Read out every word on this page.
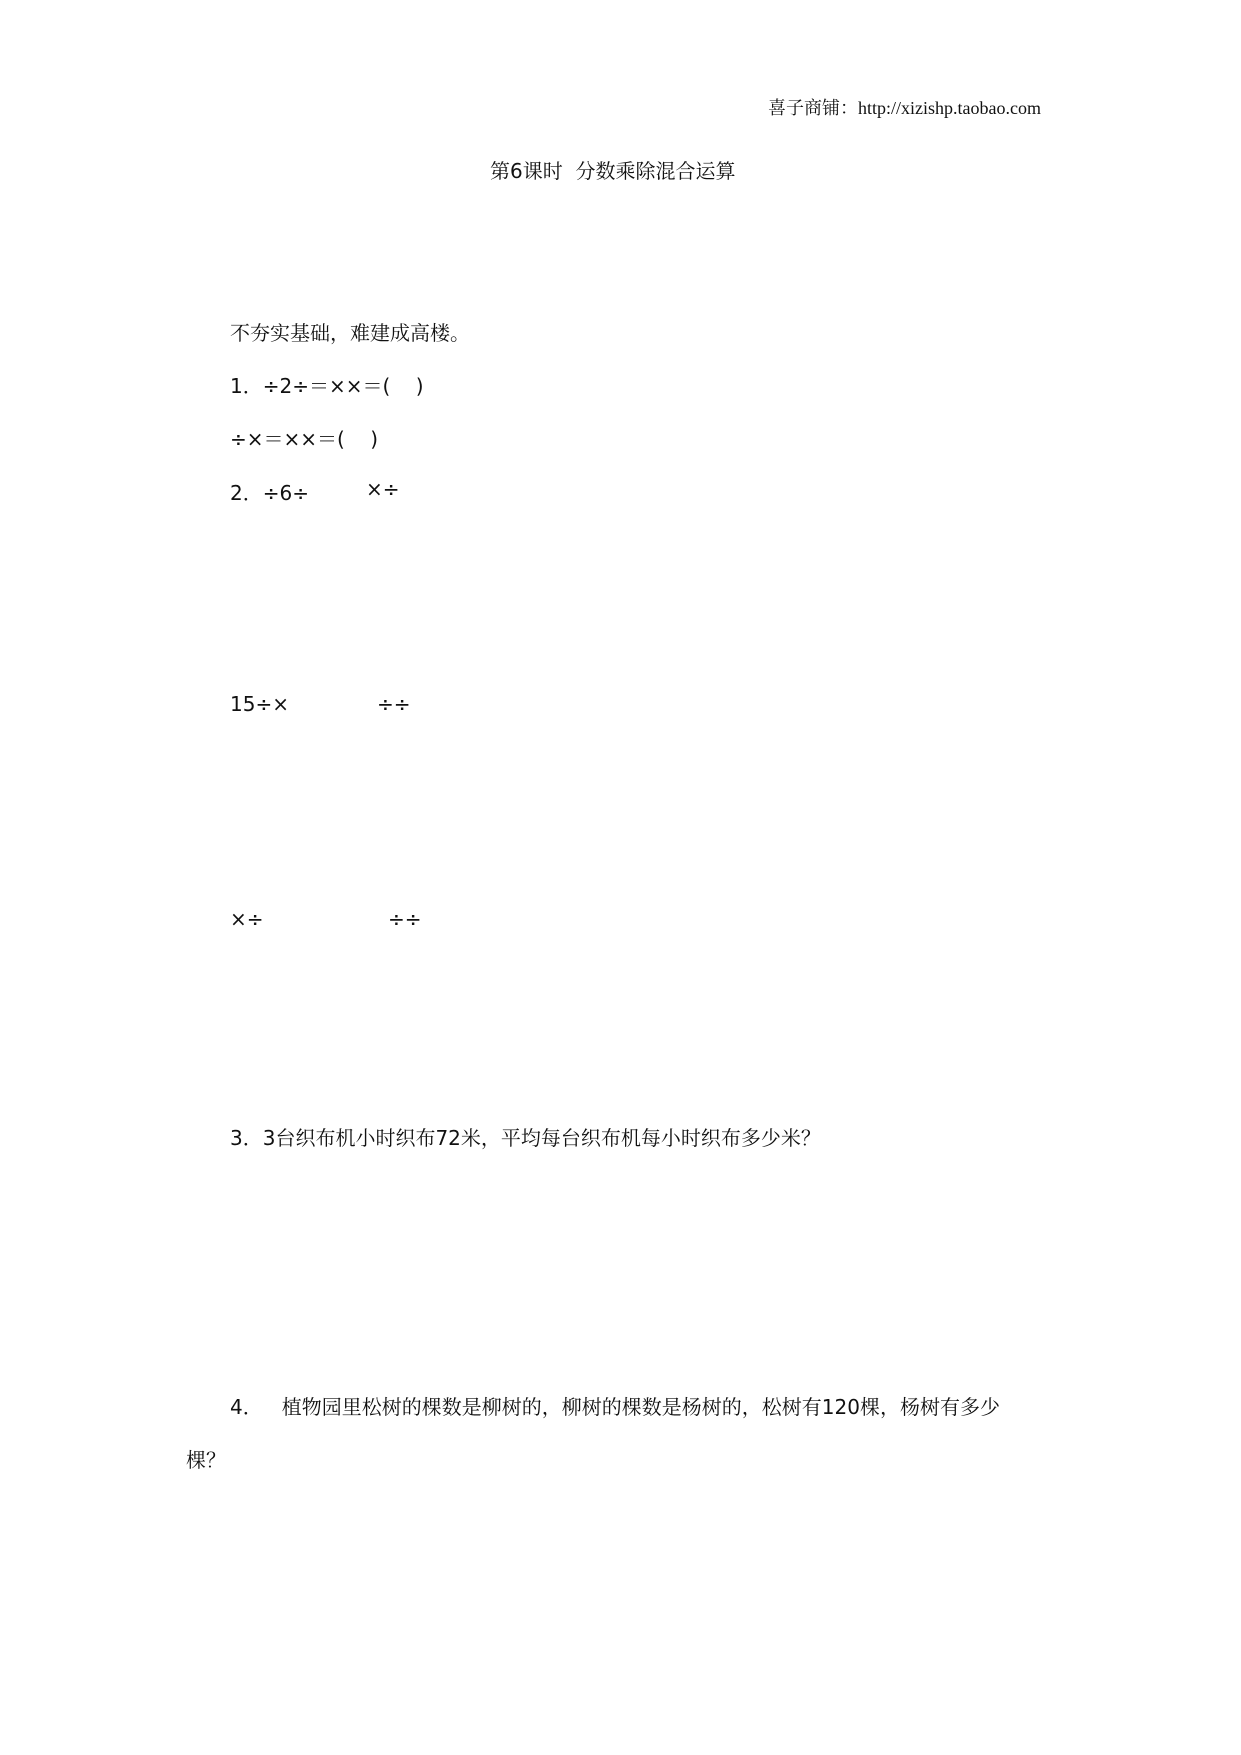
喜子商铺：http://xizishp.taobao.com
第6课时  分数乘除混合运算
不夯实基础，难建成高楼。
1．÷2÷＝××＝(    )
÷×＝××＝(    )
2．÷6÷	×÷
15÷×	÷÷
×÷	÷÷
3．3台织布机小时织布72米，平均每台织布机每小时织布多少米？
4．   植物园里松树的棵数是柳树的，柳树的棵数是杨树的，松树有120棵，杨树有多少
棵？
